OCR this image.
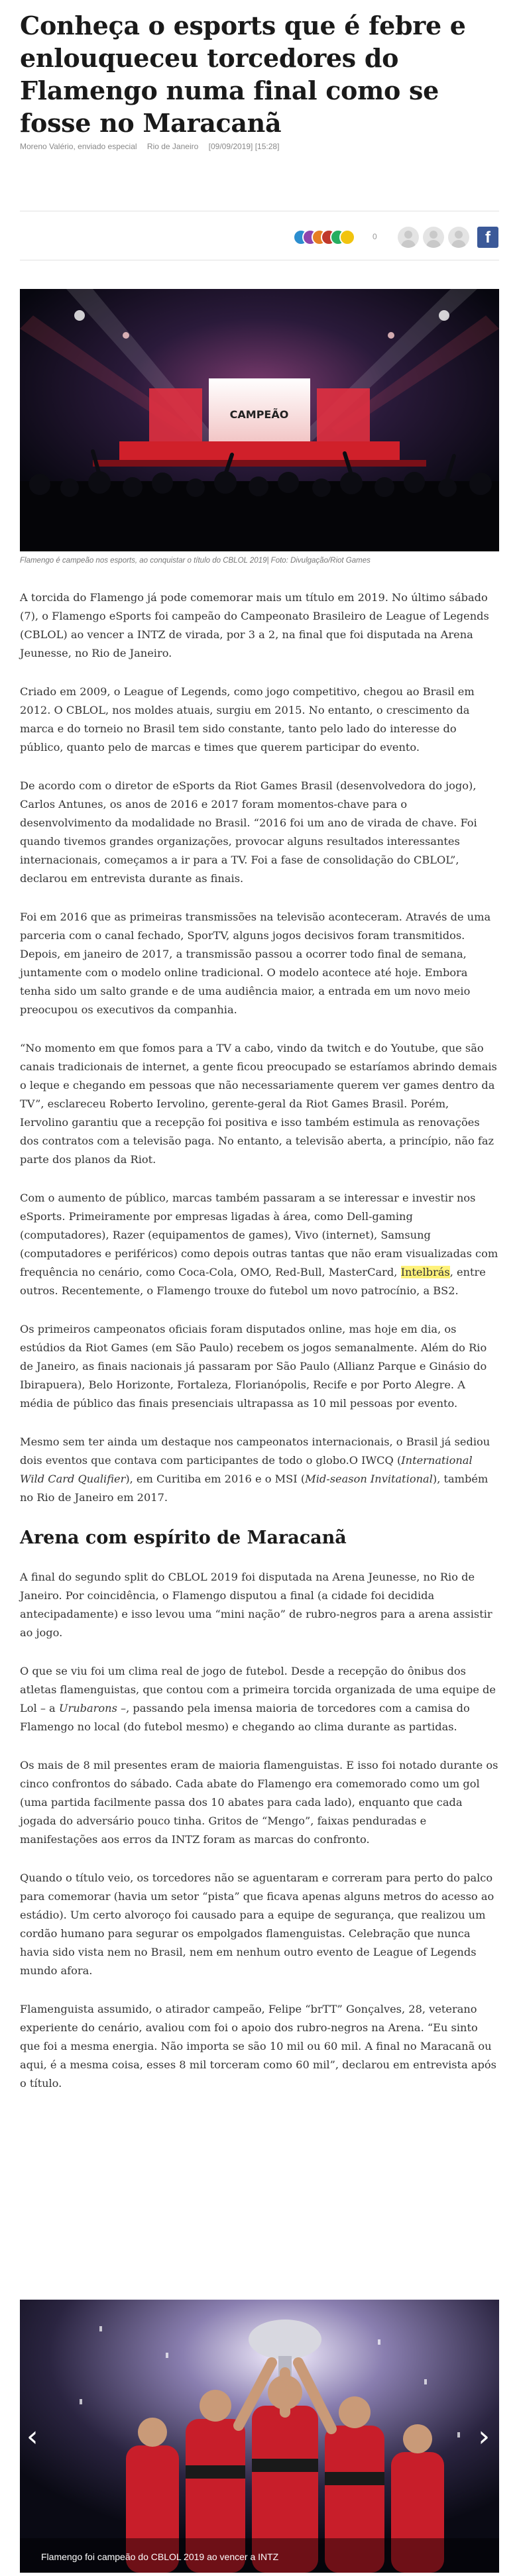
Conheça o esports que é febre e enlouqueceu torcedores do Flamengo numa final como se fosse no Maracanã
Moreno Valério, enviado especial Rio de Janeiro [09/09/2019] [15:28]
0	f
CAMPEÃO
Flamengo é campeão nos esports, ao conquistar o título do CBLOL 2019| Foto: Divulgação/Riot Games

A torcida do Flamengo já pode comemorar mais um título em 2019. No último sábado (7), o Flamengo eSports foi campeão do Campeonato Brasileiro de League of Legends (CBLOL) ao vencer a INTZ de virada, por 3 a 2, na final que foi disputada na Arena Jeunesse, no Rio de Janeiro.

Criado em 2009, o League of Legends, como jogo competitivo, chegou ao Brasil em 2012. O CBLOL, nos moldes atuais, surgiu em 2015. No entanto, o crescimento da marca e do torneio no Brasil tem sido constante, tanto pelo lado do interesse do público, quanto pelo de marcas e times que querem participar do evento.

De acordo com o diretor de eSports da Riot Games Brasil (desenvolvedora do jogo), Carlos Antunes, os anos de 2016 e 2017 foram momentos-chave para o desenvolvimento da modalidade no Brasil. “2016 foi um ano de virada de chave. Foi quando tivemos grandes organizações, provocar alguns resultados interessantes internacionais, começamos a ir para a TV. Foi a fase de consolidação do CBLOL”, declarou em entrevista durante as finais.

Foi em 2016 que as primeiras transmissões na televisão aconteceram. Através de uma parceria com o canal fechado, SporTV, alguns jogos decisivos foram transmitidos. Depois, em janeiro de 2017, a transmissão passou a ocorrer todo final de semana, juntamente com o modelo online tradicional. O modelo acontece até hoje. Embora tenha sido um salto grande e de uma audiência maior, a entrada em um novo meio preocupou os executivos da companhia.

“No momento em que fomos para a TV a cabo, vindo da twitch e do Youtube, que são canais tradicionais de internet, a gente ficou preocupado se estaríamos abrindo demais o leque e chegando em pessoas que não necessariamente querem ver games dentro da TV”, esclareceu Roberto Iervolino, gerente-geral da Riot Games Brasil. Porém, Iervolino garantiu que a recepção foi positiva e isso também estimula as renovações dos contratos com a televisão paga. No entanto, a televisão aberta, a princípio, não faz parte dos planos da Riot.

Com o aumento de público, marcas também passaram a se interessar e investir nos eSports. Primeiramente por empresas ligadas à área, como Dell-gaming (computadores), Razer (equipamentos de games), Vivo (internet), Samsung (computadores e periféricos) como depois outras tantas que não eram visualizadas com frequência no cenário, como Coca-Cola, OMO, Red-Bull, MasterCard, Intelbrás, entre outros. Recentemente, o Flamengo trouxe do futebol um novo patrocínio, a BS2.

Os primeiros campeonatos oficiais foram disputados online, mas hoje em dia, os estúdios da Riot Games (em São Paulo) recebem os jogos semanalmente. Além do Rio de Janeiro, as finais nacionais já passaram por São Paulo (Allianz Parque e Ginásio do Ibirapuera), Belo Horizonte, Fortaleza, Florianópolis, Recife e por Porto Alegre. A média de público das finais presenciais ultrapassa as 10 mil pessoas por evento.

Mesmo sem ter ainda um destaque nos campeonatos internacionais, o Brasil já sediou dois eventos que contava com participantes de todo o globo.O IWCQ (International Wild Card Qualifier), em Curitiba em 2016 e o MSI (Mid-season Invitational), também no Rio de Janeiro em 2017.

Arena com espírito de Maracanã

A final do segundo split do CBLOL 2019 foi disputada na Arena Jeunesse, no Rio de Janeiro. Por coincidência, o Flamengo disputou a final (a cidade foi decidida antecipadamente) e isso levou uma “mini nação” de rubro-negros para a arena assistir ao jogo.

O que se viu foi um clima real de jogo de futebol. Desde a recepção do ônibus dos atletas flamenguistas, que contou com a primeira torcida organizada de uma equipe de Lol – a Urubarons –, passando pela imensa maioria de torcedores com a camisa do Flamengo no local (do futebol mesmo) e chegando ao clima durante as partidas.

Os mais de 8 mil presentes eram de maioria flamenguistas. E isso foi notado durante os cinco confrontos do sábado. Cada abate do Flamengo era comemorado como um gol (uma partida facilmente passa dos 10 abates para cada lado), enquanto que cada jogada do adversário pouco tinha. Gritos de “Mengo”, faixas penduradas e manifestações aos erros da INTZ foram as marcas do confronto.

Quando o título veio, os torcedores não se aguentaram e correram para perto do palco para comemorar (havia um setor “pista” que ficava apenas alguns metros do acesso ao estádio). Um certo alvoroço foi causado para a equipe de segurança, que realizou um cordão humano para segurar os empolgados flamenguistas. Celebração que nunca havia sido vista nem no Brasil, nem em nenhum outro evento de League of Legends mundo afora.

Flamenguista assumido, o atirador campeão, Felipe “brTT” Gonçalves, 28, veterano experiente do cenário, avaliou com foi o apoio dos rubro-negros na Arena. “Eu sinto que foi a mesma energia. Não importa se são 10 mil ou 60 mil. A final no Maracanã ou aqui, é a mesma coisa, esses 8 mil torceram como 60 mil”, declarou em entrevista após o título.

‹	›
Flamengo foi campeão do CBLOL 2019 ao vencer a INTZ
